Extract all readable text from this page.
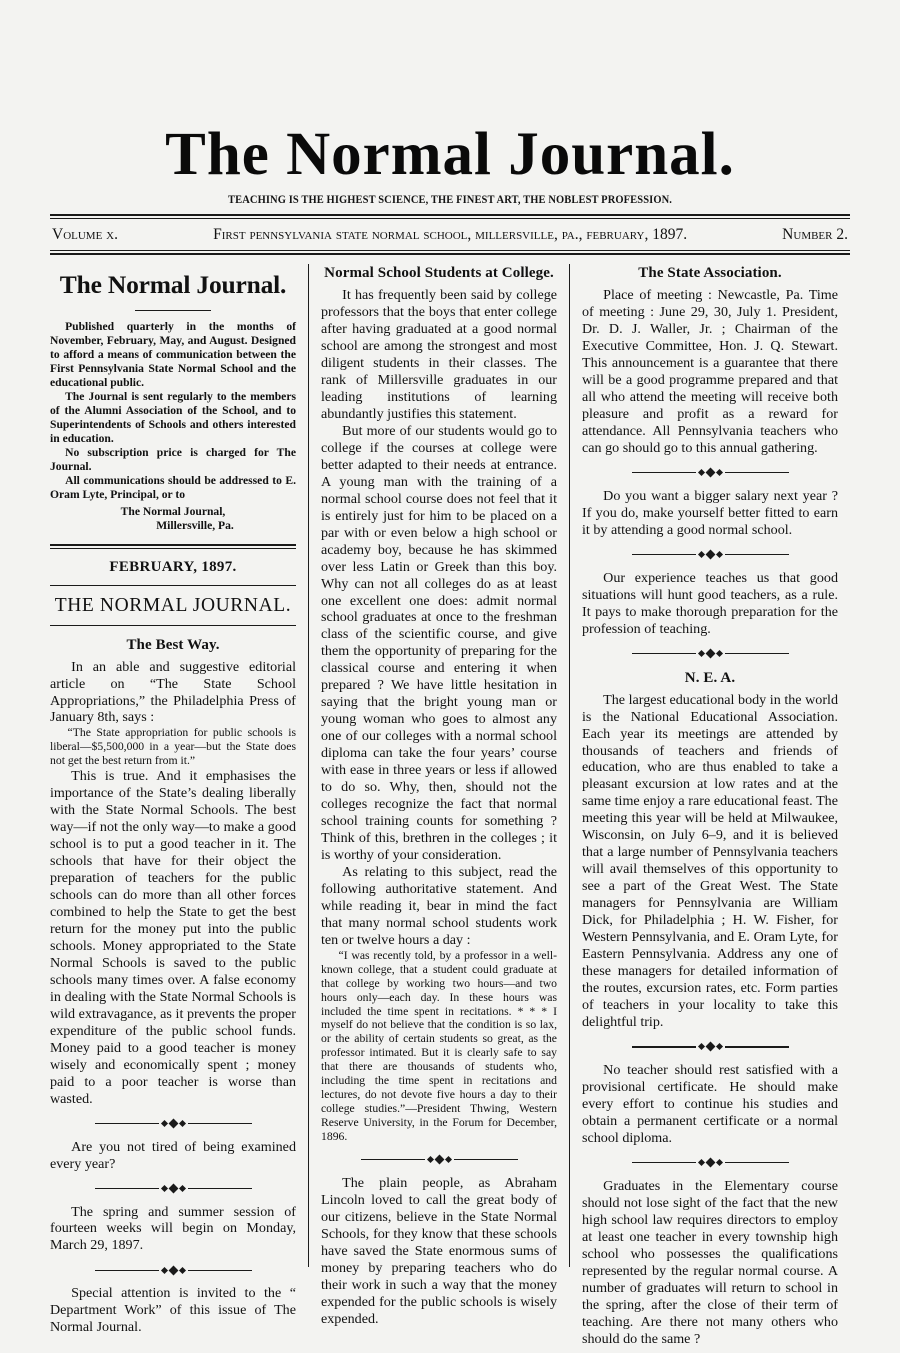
The Normal Journal.
TEACHING IS THE HIGHEST SCIENCE, THE FINEST ART, THE NOBLEST PROFESSION.
Volume x.	first pennsylvania state normal school, millersville, pa., february, 1897.	number 2.
The Normal Journal.

Published quarterly in the months of November, February, May, and August. Designed to afford a means of communication between the First Pennsylvania State Normal School and the educational public.

The Journal is sent regularly to the members of the Alumni Association of the School, and to Superintendents of Schools and others interested in education.

No subscription price is charged for The Journal.

All communications should be addressed to E. Oram Lyte, Principal, or to

The Normal Journal,
Millersville, Pa.

FEBRUARY, 1897.
THE NORMAL JOURNAL.
The Best Way.

In an able and suggestive editorial article on “The State School Appropriations,” the Philadelphia Press of January 8th, says :

“The State appropriation for public schools is liberal—$5,500,000 in a year—but the State does not get the best return from it.”

This is true. And it emphasises the importance of the State’s dealing liberally with the State Normal Schools. The best way—if not the only way—to make a good school is to put a good teacher in it. The schools that have for their object the preparation of teachers for the public schools can do more than all other forces combined to help the State to get the best return for the money put into the public schools. Money appropriated to the State Normal Schools is saved to the public schools many times over. A false economy in dealing with the State Normal Schools is wild extravagance, as it prevents the proper expenditure of the public school funds. Money paid to a good teacher is money wisely and economically spent ; money paid to a poor teacher is worse than wasted.

Are you not tired of being examined every year?

The spring and summer session of fourteen weeks will begin on Monday, March 29, 1897.

Special attention is invited to the “ Department Work” of this issue of The Normal Journal.

Normal School Students at College.

It has frequently been said by college professors that the boys that enter college after having graduated at a good normal school are among the strongest and most diligent students in their classes. The rank of Millersville graduates in our leading institutions of learning abundantly justifies this statement.

But more of our students would go to college if the courses at college were better adapted to their needs at entrance. A young man with the training of a normal school course does not feel that it is entirely just for him to be placed on a par with or even below a high school or academy boy, because he has skimmed over less Latin or Greek than this boy. Why can not all colleges do as at least one excellent one does: admit normal school graduates at once to the freshman class of the scientific course, and give them the opportunity of preparing for the classical course and entering it when prepared ? We have little hesitation in saying that the bright young man or young woman who goes to almost any one of our colleges with a normal school diploma can take the four years’ course with ease in three years or less if allowed to do so. Why, then, should not the colleges recognize the fact that normal school training counts for something ? Think of this, brethren in the colleges ; it is worthy of your consideration.

As relating to this subject, read the following authoritative statement. And while reading it, bear in mind the fact that many normal school students work ten or twelve hours a day :

“I was recently told, by a professor in a well-known college, that a student could graduate at that college by working two hours—and two hours only—each day. In these hours was included the time spent in recitations. * * * I myself do not believe that the condition is so lax, or the ability of certain students so great, as the professor intimated. But it is clearly safe to say that there are thousands of students who, including the time spent in recitations and lectures, do not devote five hours a day to their college studies.”—President Thwing, Western Reserve University, in the Forum for December, 1896.

The plain people, as Abraham Lincoln loved to call the great body of our citizens, believe in the State Normal Schools, for they know that these schools have saved the State enormous sums of money by preparing teachers who do their work in such a way that the money expended for the public schools is wisely expended.

The State Association.

Place of meeting : Newcastle, Pa. Time of meeting : June 29, 30, July 1. President, Dr. D. J. Waller, Jr. ; Chairman of the Executive Committee, Hon. J. Q. Stewart. This announcement is a guarantee that there will be a good programme prepared and that all who attend the meeting will receive both pleasure and profit as a reward for attendance. All Pennsylvania teachers who can go should go to this annual gathering.

Do you want a bigger salary next year ? If you do, make yourself better fitted to earn it by attending a good normal school.

Our experience teaches us that good situations will hunt good teachers, as a rule. It pays to make thorough preparation for the profession of teaching.

N. E. A.

The largest educational body in the world is the National Educational Association. Each year its meetings are attended by thousands of teachers and friends of education, who are thus enabled to take a pleasant excursion at low rates and at the same time enjoy a rare educational feast. The meeting this year will be held at Milwaukee, Wisconsin, on July 6–9, and it is believed that a large number of Pennsylvania teachers will avail themselves of this opportunity to see a part of the Great West. The State managers for Pennsylvania are William Dick, for Philadelphia ; H. W. Fisher, for Western Pennsylvania, and E. Oram Lyte, for Eastern Pennsylvania. Address any one of these managers for detailed information of the routes, excursion rates, etc. Form parties of teachers in your locality to take this delightful trip.

No teacher should rest satisfied with a provisional certificate. He should make every effort to continue his studies and obtain a permanent certificate or a normal school diploma.

Graduates in the Elementary course should not lose sight of the fact that the new high school law requires directors to employ at least one teacher in every township high school who possesses the qualifications represented by the regular normal course. A number of graduates will return to school in the spring, after the close of their term of teaching. Are there not many others who should do the same ?
